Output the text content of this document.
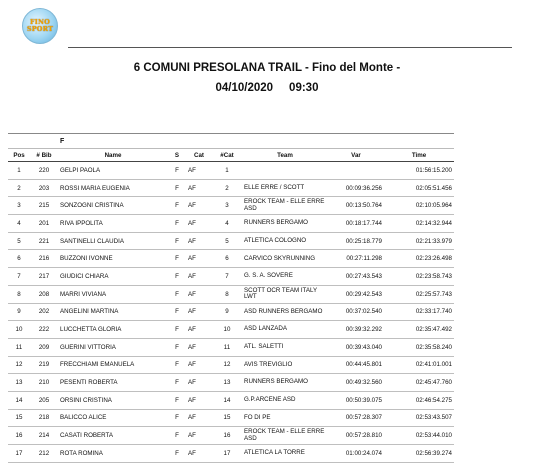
FINO
SPORT
6 COMUNI PRESOLANA TRAIL - Fino del Monte -
04/10/2020     09:30
		F						
Pos	# Bib	Name	S	Cat	#Cat	Team	Var	Time
1	220	GELPI PAOLA	F	AF	1			01:56:15.200
2	203	ROSSI MARIA EUGENIA	F	AF	2	ELLE ERRE / SCOTT	00:09:36.256	02:05:51.456
3	215	SONZOGNI CRISTINA	F	AF	3	EROCK TEAM - ELLE ERRE ASD	00:13:50.764	02:10:05.964
4	201	RIVA IPPOLITA	F	AF	4	RUNNERS BERGAMO	00:18:17.744	02:14:32.944
5	221	SANTINELLI CLAUDIA	F	AF	5	ATLETICA COLOGNO	00:25:18.779	02:21:33.979
6	216	BUZZONI IVONNE	F	AF	6	CARVICO SKYRUNNING	00:27:11.298	02:23:26.498
7	217	GIUDICI CHIARA	F	AF	7	G. S. A. SOVERE	00:27:43.543	02:23:58.743
8	208	MARRI VIVIANA	F	AF	8	SCOTT OCR TEAM ITALY LWT	00:29:42.543	02:25:57.743
9	202	ANGELINI MARTINA	F	AF	9	ASD RUNNERS BERGAMO	00:37:02.540	02:33:17.740
10	222	LUCCHETTA GLORIA	F	AF	10	ASD LANZADA	00:39:32.292	02:35:47.492
11	209	GUERINI VITTORIA	F	AF	11	ATL. SALETTI	00:39:43.040	02:35:58.240
12	219	FRECCHIAMI EMANUELA	F	AF	12	AVIS TREVIGLIO	00:44:45.801	02:41:01.001
13	210	PESENTI ROBERTA	F	AF	13	RUNNERS BERGAMO	00:49:32.560	02:45:47.760
14	205	ORSINI CRISTINA	F	AF	14	G.P.ARCENE ASD	00:50:39.075	02:46:54.275
15	218	BALICCO ALICE	F	AF	15	FO DI PE	00:57:28.307	02:53:43.507
16	214	CASATI ROBERTA	F	AF	16	EROCK TEAM - ELLE ERRE ASD	00:57:28.810	02:53:44.010
17	212	ROTA ROMINA	F	AF	17	ATLETICA LA TORRE	01:00:24.074	02:56:39.274
